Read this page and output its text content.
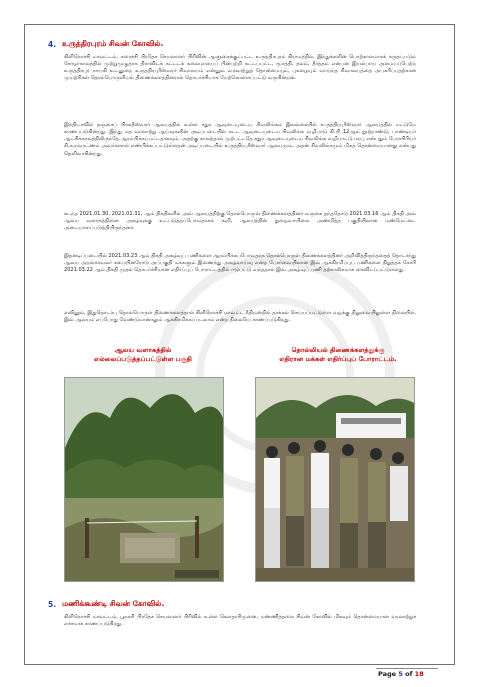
4. உருத்திரபுரம் சிவன் கோவில்.
கிளிநொச்சி மாவட்டம், கரைச்சி பிரதேச செயலாளர் பிரிவின் ஆளுகைக்குட்பட்ட உருத்திரபுரம் கிராமத்தில், இந்துக்களின் பொற்காலமாகக் கருதப்படும் சோழர்காலத்தில் முற்றுமுழுதாக திராவிடக் கட்டடக் கலைமரபைப் பின்பற்றி கட்டப்பட்ட, மூர்த்தி, தலம், தீர்த்தம் என்பன இயல்பாய் அமையப்பெற்ற உருத்திரபுர நாயகி உடனுறை உருத்திரபுரீஸ்வரர் சிவாலயம் என்னும் வரலாற்றுத் தொன்மையும், புகழையும் வாய்ந்த சிவாலயத்தை அபகரிப்பதற்கான முயற்சிகள் தொல்பொருளியல் திணைக்களத்தினரால் தொடர்ச்சியாக மேற்கொள்ளப்பட்டு வருகின்றன.
இந்தியாவில் தஞ்சைப் பிரகதீஸ்வரர் ஆலயத்தில் உள்ள சதுர ஆவுடையுடைய சிவலிங்கம் இலங்கையில் உருத்திரபுரீஸ்வரர் ஆலயத்தில் மட்டுமே காணப்படுகின்றது. இந்து மத வரலாற்று ஆய்வுகளின் அடிப்படையில் கட்ட ஆவுடையுடைய சிவலிங்க வழிபாடு கி.பி 12ஆம் நூற்றாண்டு, பாண்டியர் ஆட்சிக்காலத்திலிருந்தே ஆரம்பிக்கப்பட்டதாகவும், அதற்கு காலத்தால் முற்பட்டதே சதுர ஆவுடையுடைய சிவலிங்க வழிபாட்டு மரபு என்பதும் பேராசிரியர் சி.க.நவரட்ணம் அவர்களால் எண்பிக்கப்பட்டுள்ளதன் அடிப்படையில் உருத்திரபுரீஸ்வரர் ஆலயமும், அதன் சிவலிங்கமும் மிகத் தொன்மையானது என்பது தெளிவாகின்றது.
கடந்த 2021.01.30, 2021.01.31, ஆம் திகதிகளில் அவ் ஆலயத்திற்கு தொல்பொருள் திணைக்களத்தினர் வருகை தந்ததோடு 2021.03.16 ஆம் திகதி அவ் ஆலய வளாகத்தினை அகழ்வுக்கு உட்படுத்தப்போவதாகக் கூறி, ஆலயத்தின் நுழைவாயிலை அண்மித்த பகுதியிலான மண்மேட்டை அடையாளப்படுத்தியிருந்தனர்.
இதனடிப்படையில் 2021.03.23 ஆம் திகதி அகழ்வுப் பணிகளை ஆரம்பிக்கப்போவதாக தொல்பொருள் திணைக்களத்தினர் அறிவித்திருந்ததைத் தொடர்ந்து ஆலய அறங்காவலர் சபையினரோடு அப்பகுதி மக்களும் இணைந்து அகழ்வாய்வு என்ற போர்வையிலான இவ் ஆக்கிரமிப்புப் பணிகளை நிறுத்தக் கோரி 2021.03.22 ஆம் திகதி முதல் தொடர்ச்சியான எதிர்ப்புப் போராட்டத்தில் ஈடுபட்டு வந்ததால் இவ் அகழ்வுப் பணி தற்காலிகமாக கைவிடப்பட்டுள்ளது.
எனினும், இதுதொடர்பு தொல்பொருள் திணைக்களத்தால் கிளிநொச்சி மாவட்ட நீதிமன்றில் தாக்கல் செய்யப்பட்டுள்ள வழக்கு நிலுவையிலுள்ள நிலையில், இவ் ஆலயம் எப்போது வேண்டுமானாலும் ஆக்கிரமிக்கப்படலாம் என்ற நிலையே காணப்படுகிறது.
ஆலய வளாகத்தில்
எல்லைப்படுத்தப்பட்டுள்ள பகுதி
தொல்லியல் திணைக்களத்துக்கு
எதிரான மக்கள் எதிர்ப்புப் போராட்டம்.
5. மணிக்கூண்டி சிவன் கோவில்.
கிளிநொச்சி மாவட்டம், பூநகரி பிரதேச செயலாளர் பிரிவில் உள்ள கௌதாரிமுனை, மண்ணித்தலை சிவன் கோவில் மிகவும் தொன்மையான வரலாற்றுச் எச்சமாக காணப்படுகிறது.
Page 5 of 18
